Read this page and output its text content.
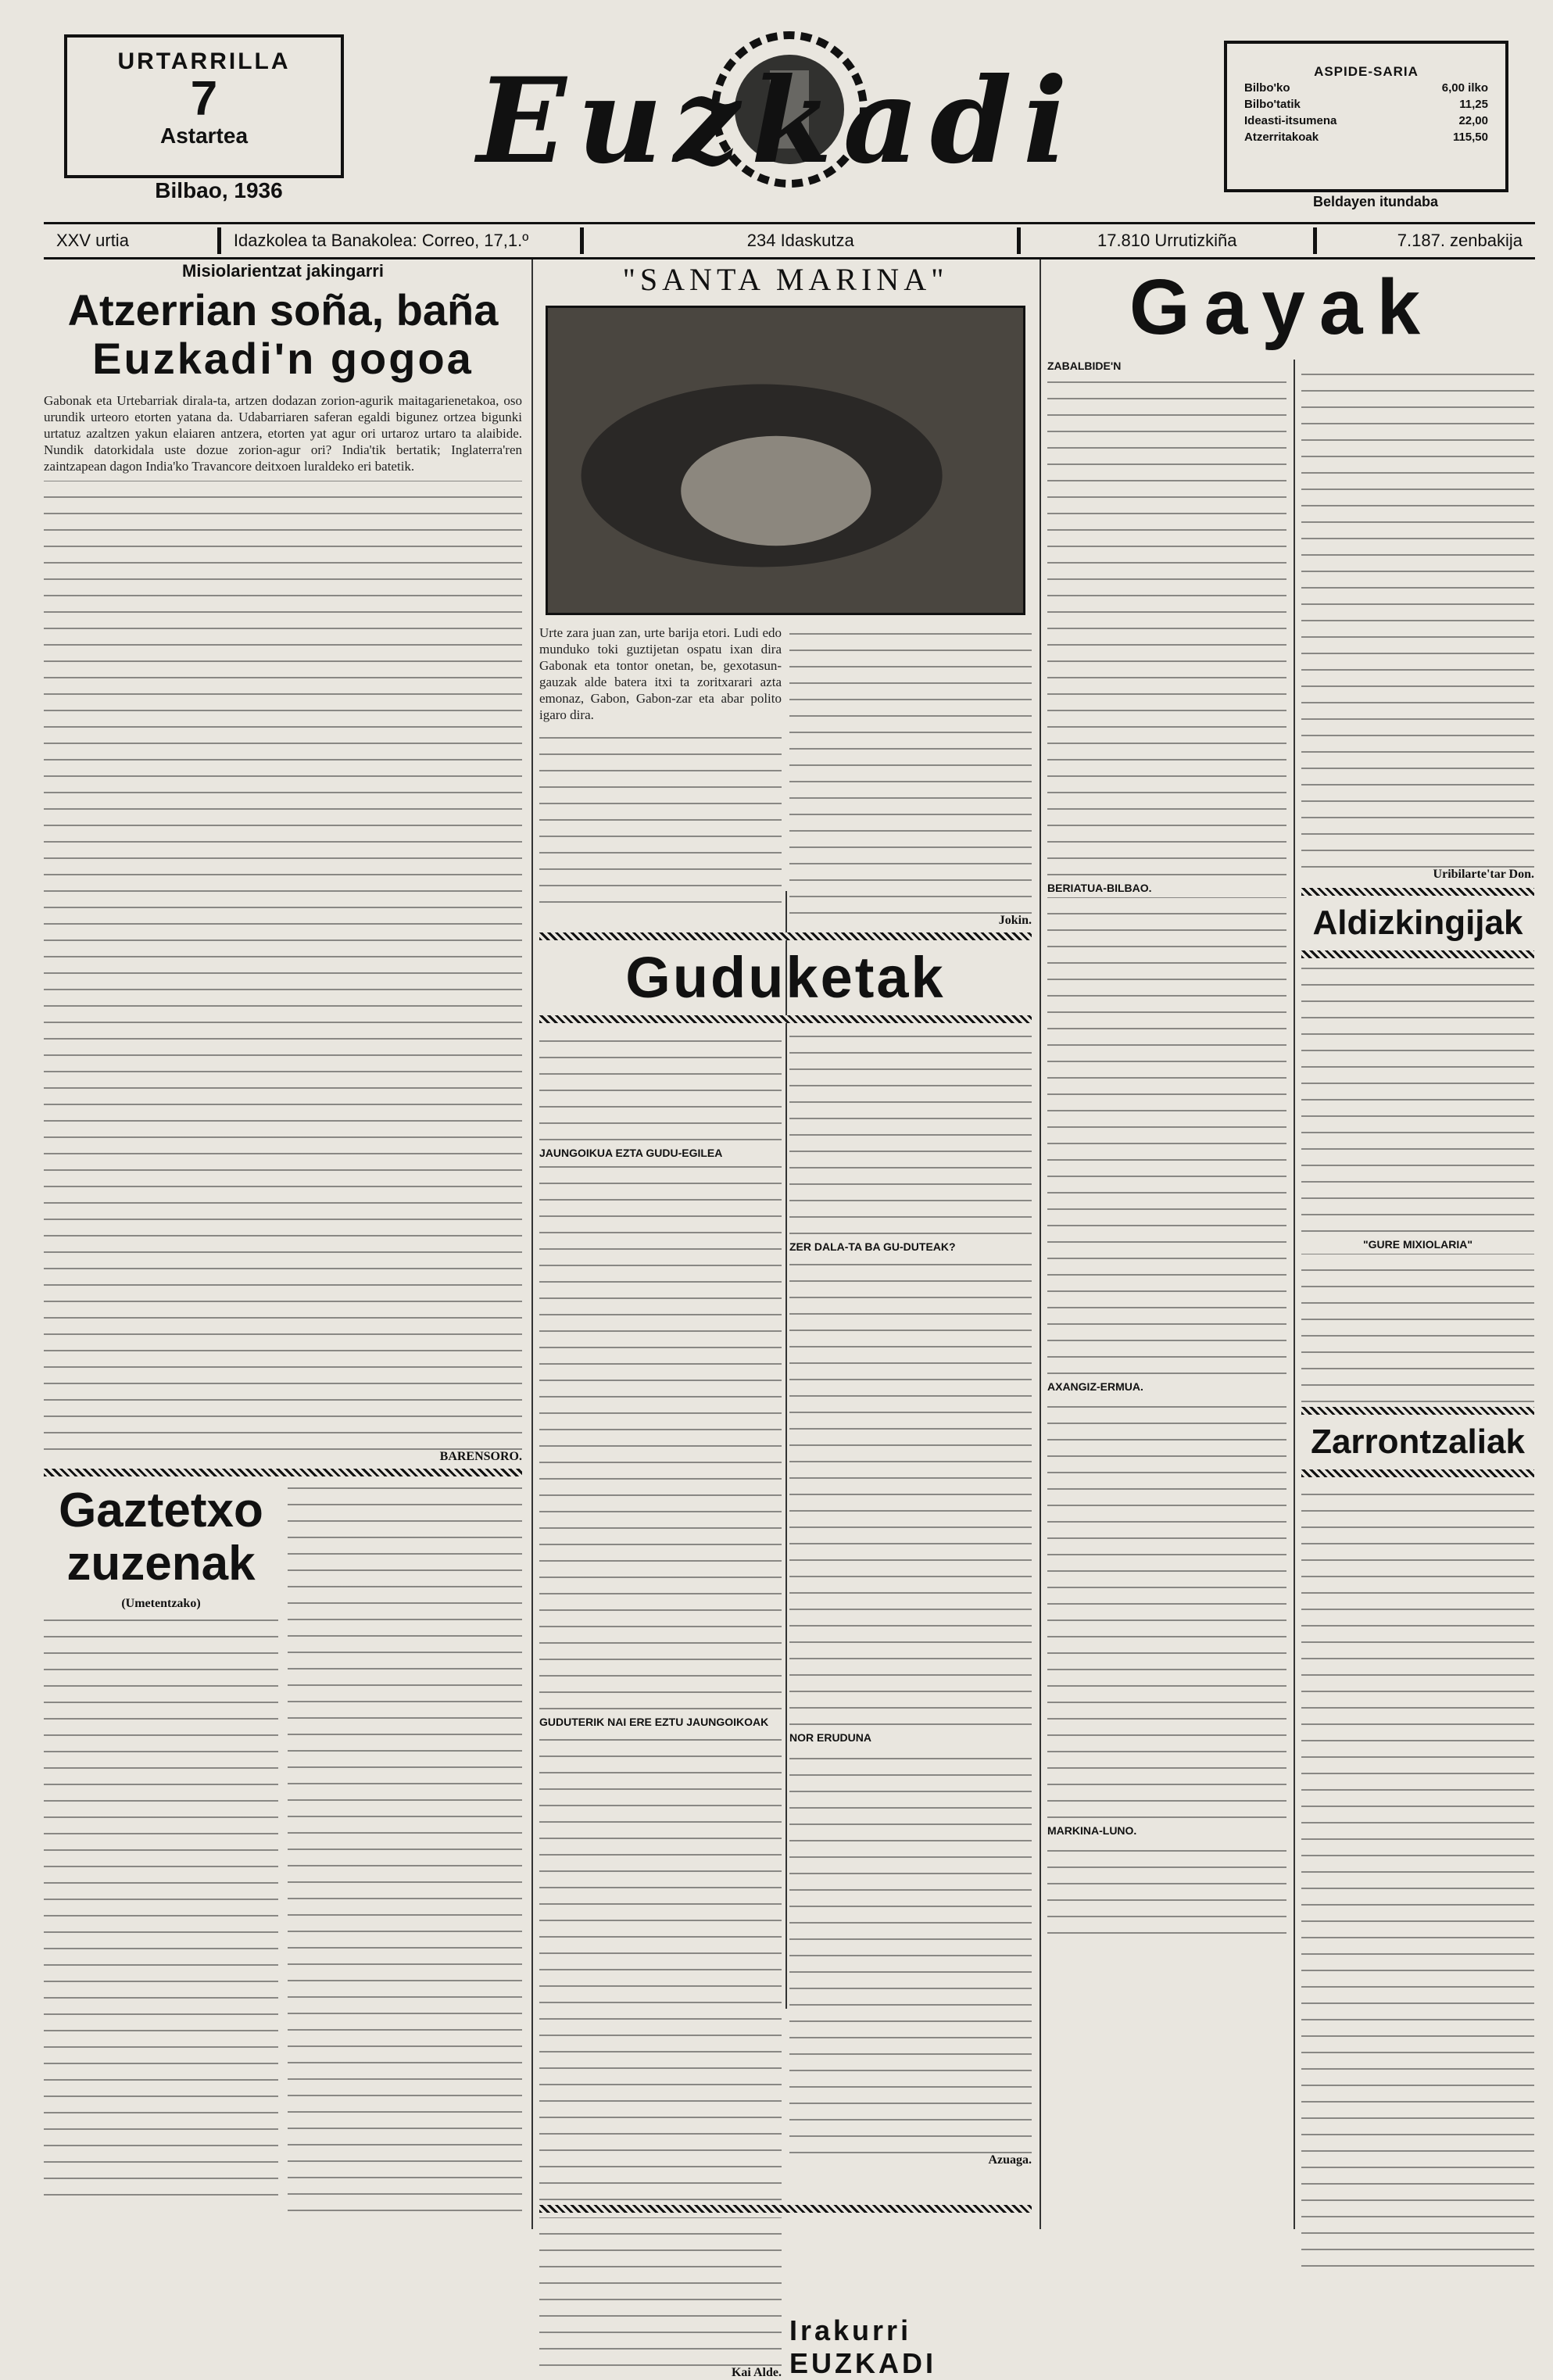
URTARRILLA
7
Astartea
Bilbao, 1936
Euzkadi	ASPIDE-SARIA
Bilbo'ko	6,00 ilko
Bilbo'tatik	11,25
Ideasti-itsumena	22,00
Atzerritakoak	115,50
Beldayen itundaba
XXV urtia	Idazkolea ta Banakolea: Correo, 17,1.º	234 Idaskutza	17.810 Urrutizkiña	7.187. zenbakija
Misiolarientzat jakingarri
Atzerrian soña, baña
Euzkadi'n gogoa
Gabonak eta Urtebarriak dirala-ta, artzen dodazan zorion-agurik maitagarienetakoa, oso urundik urteoro etorten yatana da. Udabarriaren saferan egaldi bigunez ortzea bigunki urtatuz azaltzen yakun elaiaren antzera, etorten yat agur ori urtaroz urtaro ta alaibide. Nundik datorkidala uste dozue zorion-agur ori? India'tik bertatik; Inglaterra'ren zaintzapean dagon India'ko Travancore deitxoen luraldeko eri batetik.
BARENSORO.
Gaztetxo
zuzenak
(Umetentzako)
"SANTA MARINA"
Urte zara juan zan, urte barija etori. Ludi edo munduko toki guztijetan ospatu ixan dira Gabonak eta tontor onetan, be, gexotasun-gauzak alde batera itxi ta zoritxarari azta emonaz, Gabon, Gabon-zar eta abar polito igaro dira.
Jokin.
Guduketak
JAUNGOIKUA EZTA GUDU-EGILEA
GUDUTERIK NAI ERE EZTU JAUNGOIKOAK
ZER DALA-TA BA GU-DUTEAK?
NOR ERUDUNA
Azuaga.
Kai Alde.
Irakurri EUZKADI
Gayak
ZABALBIDE'N
BERIATUA-BILBAO.
AXANGIZ-ERMUA.
MARKINA-LUNO.
Uribilarte'tar Don.
Aldizkingijak
"GURE MIXIOLARIA"
Zarrontzaliak
